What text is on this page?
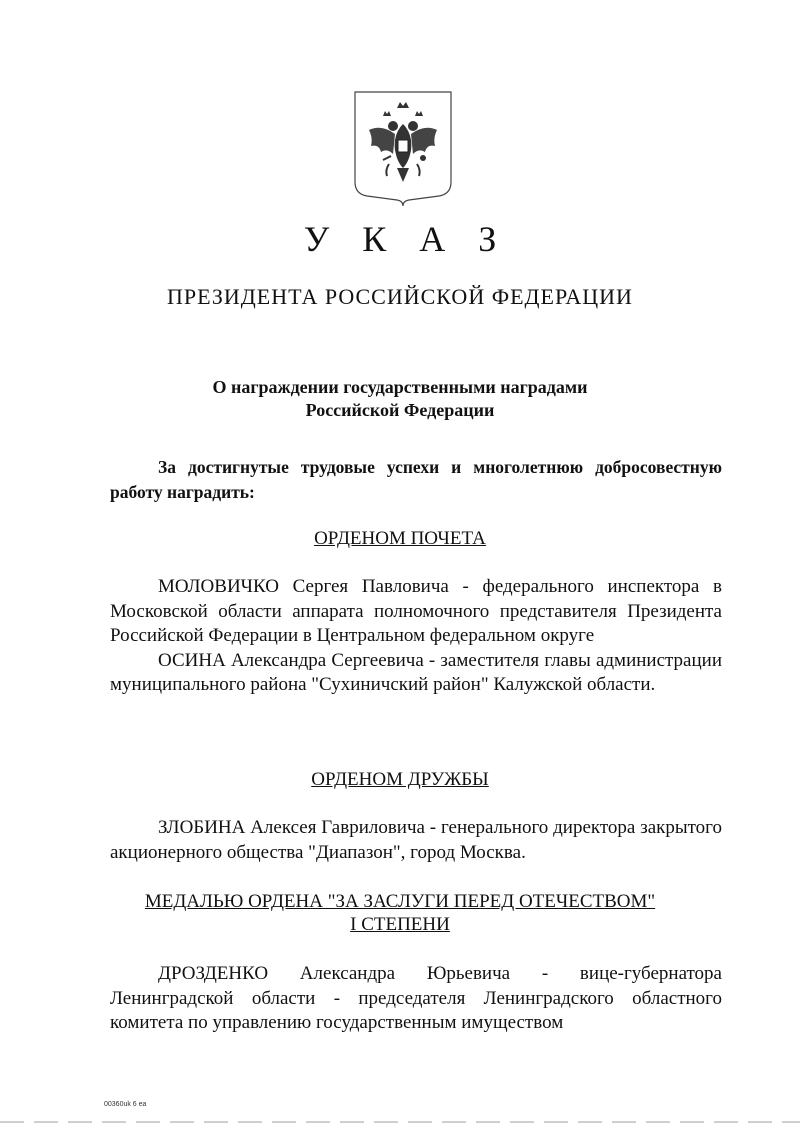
У К А З
ПРЕЗИДЕНТА РОССИЙСКОЙ ФЕДЕРАЦИИ
О награждении государственными наградами
Российской Федерации

За достигнутые трудовые успехи и многолетнюю добросовестную работу наградить:

ОРДЕНОМ ПОЧЕТА

МОЛОВИЧКО Сергея Павловича - федерального инспектора в Московской области аппарата полномочного представителя Президента Российской Федерации в Центральном федеральном округе

ОСИНА Александра Сергеевича - заместителя главы администрации муниципального района "Сухиничский район" Калужской области.

ОРДЕНОМ ДРУЖБЫ

ЗЛОБИНА Алексея Гавриловича - генерального директора закрытого акционерного общества "Диапазон", город Москва.

МЕДАЛЬЮ ОРДЕНА "ЗА ЗАСЛУГИ ПЕРЕД ОТЕЧЕСТВОМ"
I СТЕПЕНИ

ДРОЗДЕНКО Александра Юрьевича - вице-губернатора Ленинградской области - председателя Ленинградского областного комитета по управлению государственным имуществом

00360uk 6 ea
